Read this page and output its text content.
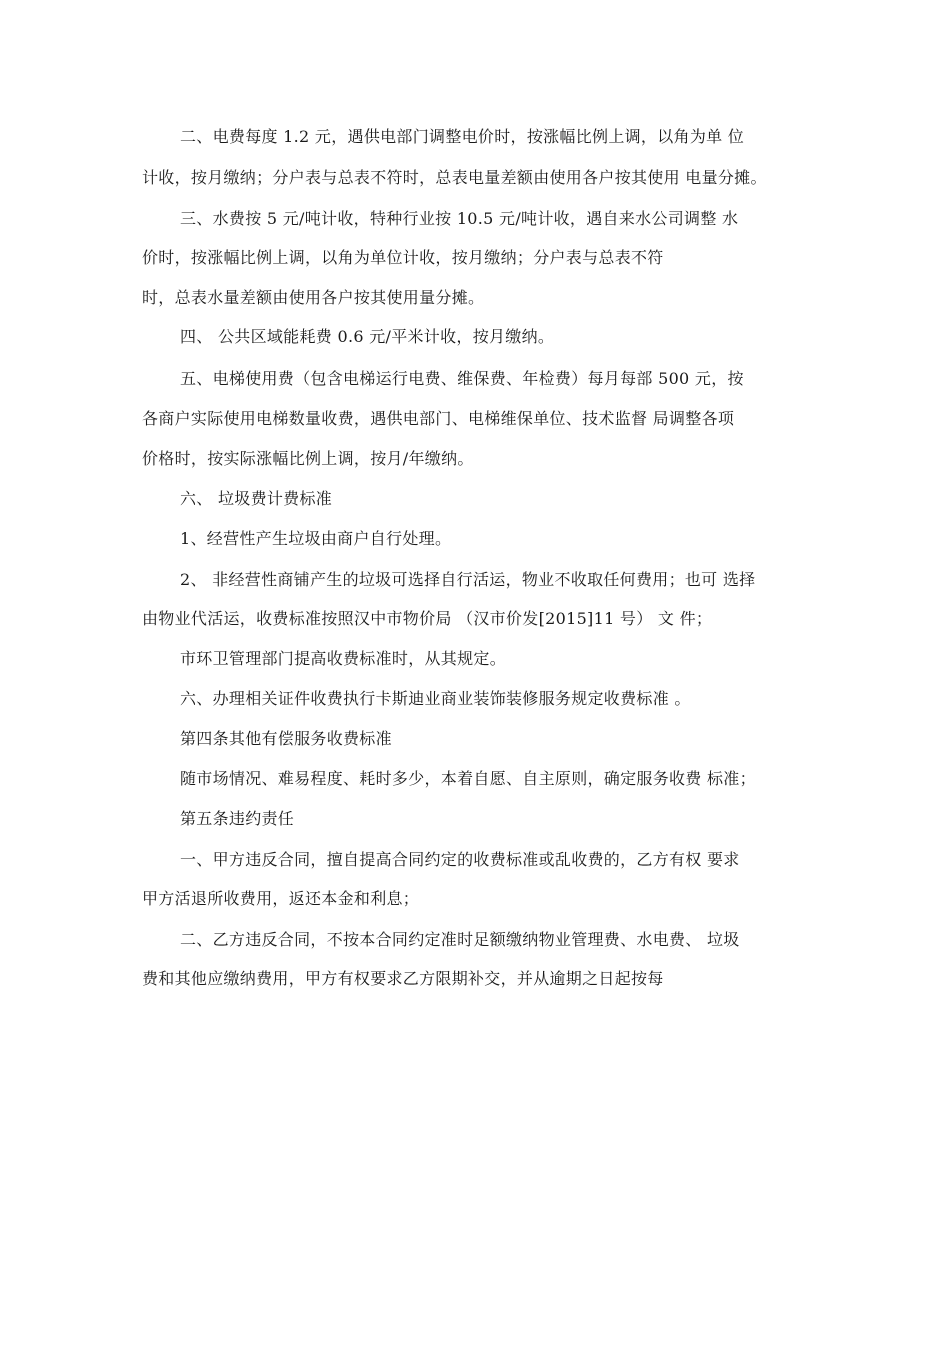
二、电费每度 1.2 元，遇供电部门调整电价时，按涨幅比例上调，以角为单 位
计收，按月缴纳；分户表与总表不符时，总表电量差额由使用各户按其使用 电量分摊。
三、水费按 5 元/吨计收，特种行业按 10.5 元/吨计收，遇自来水公司调整 水
价时，按涨幅比例上调，以角为单位计收，按月缴纳；分户表与总表不符
时，总表水量差额由使用各户按其使用量分摊。
四、 公共区域能耗费 0.6 元/平米计收，按月缴纳。
五、电梯使用费（包含电梯运行电费、维保费、年检费）每月每部 500 元，按
各商户实际使用电梯数量收费，遇供电部门、电梯维保单位、技术监督 局调整各项
价格时，按实际涨幅比例上调，按月/年缴纳。
六、 垃圾费计费标准
1、经营性产生垃圾由商户自行处理。
2、 非经营性商铺产生的垃圾可选择自行活运，物业不收取任何费用；也可 选择
由物业代活运，收费标准按照汉中市物价局 （汉市价发[2015]11 号） 文 件；
市环卫管理部门提高收费标准时，从其规定。
六、办理相关证件收费执行卡斯迪业商业装饰装修服务规定收费标准 。
第四条其他有偿服务收费标准
随市场情况、难易程度、耗时多少，本着自愿、自主原则，确定服务收费 标准；
第五条违约责任
一、甲方违反合同，擅自提高合同约定的收费标准或乱收费的，乙方有权 要求
甲方活退所收费用，返还本金和利息；
二、乙方违反合同，不按本合同约定准时足额缴纳物业管理费、水电费、 垃圾
费和其他应缴纳费用，甲方有权要求乙方限期补交，并从逾期之日起按每
